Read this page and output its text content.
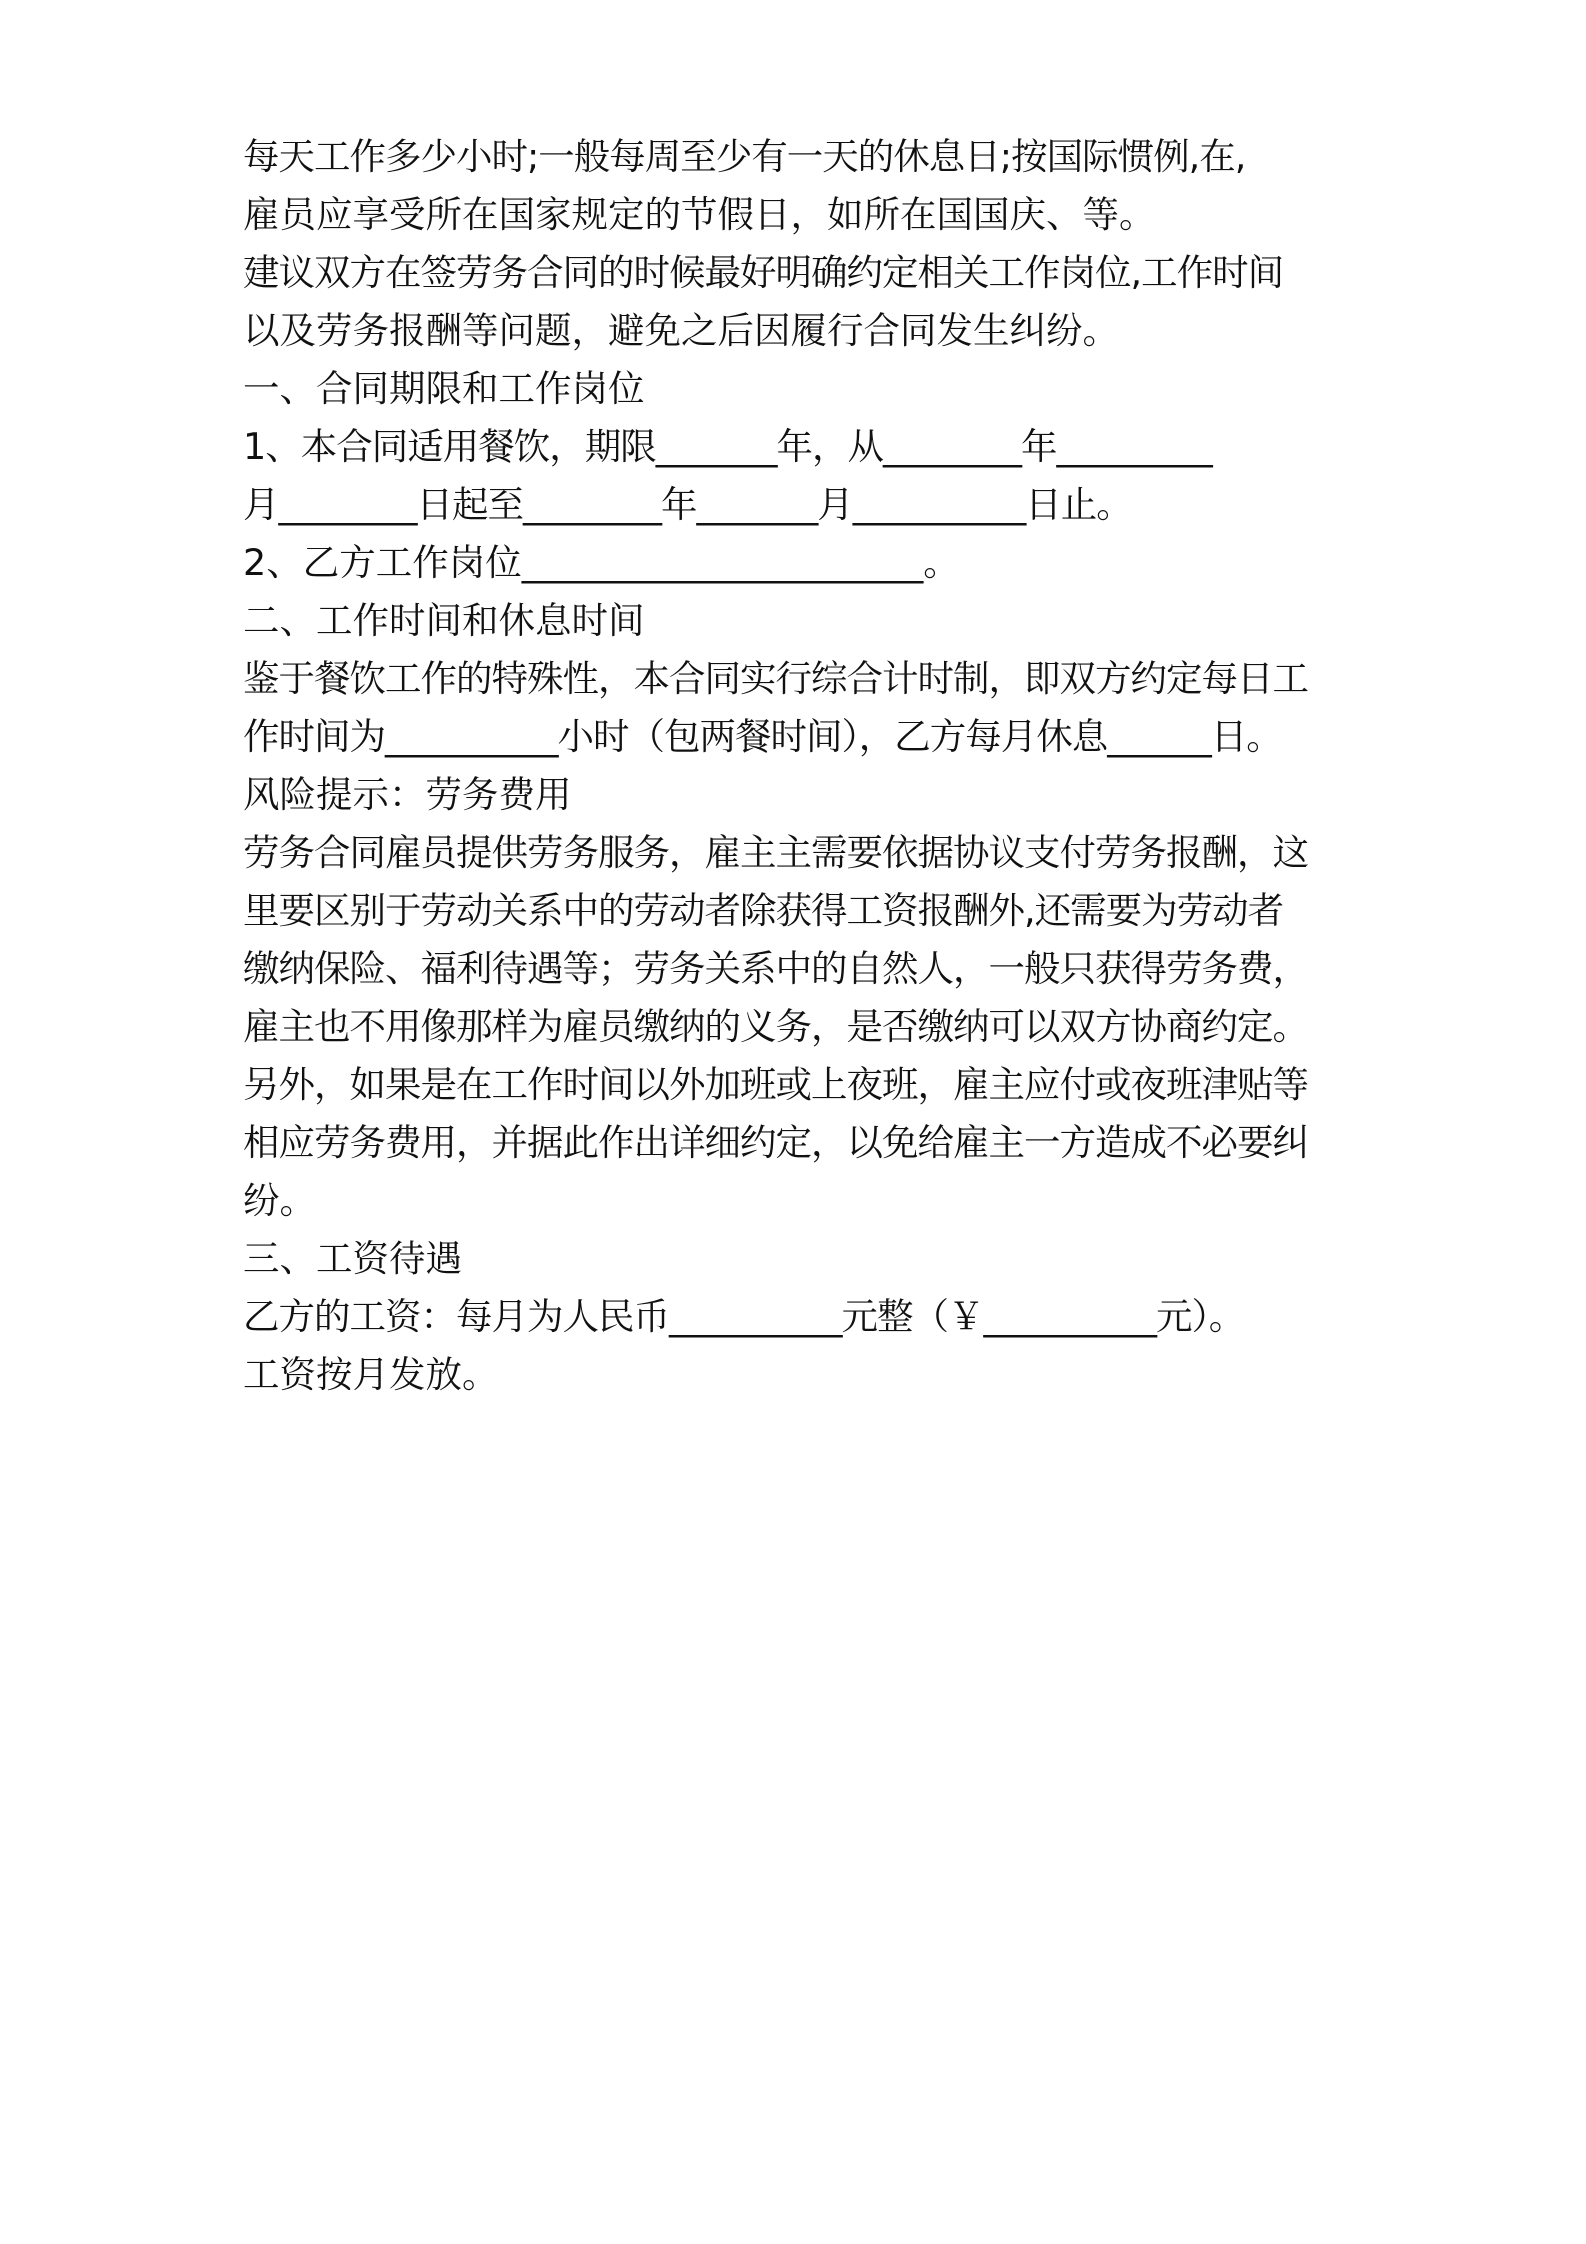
每天工作多少小时;一般每周至少有一天的休息日;按国际惯例,在,

雇员应享受所在国家规定的节假日，如所在国国庆、等。

建议双方在签劳务合同的时候最好明确约定相关工作岗位,工作时间

以及劳务报酬等问题，避免之后因履行合同发生纠纷。

一、合同期限和工作岗位

1、本合同适用餐饮，期限_______年，从________年_________

月________日起至________年_______月__________日止。

2、乙方工作岗位______________________。

二、工作时间和休息时间

鉴于餐饮工作的特殊性，本合同实行综合计时制，即双方约定每日工

作时间为__________小时（包两餐时间），乙方每月休息______日。

风险提示：劳务费用

劳务合同雇员提供劳务服务，雇主主需要依据协议支付劳务报酬，这

里要区别于劳动关系中的劳动者除获得工资报酬外,还需要为劳动者

缴纳保险、福利待遇等；劳务关系中的自然人，一般只获得劳务费，

雇主也不用像那样为雇员缴纳的义务，是否缴纳可以双方协商约定。

另外，如果是在工作时间以外加班或上夜班，雇主应付或夜班津贴等

相应劳务费用，并据此作出详细约定，以免给雇主一方造成不必要纠

纷。

三、工资待遇

乙方的工资：每月为人民币__________元整（￥__________元）。

工资按月发放。
